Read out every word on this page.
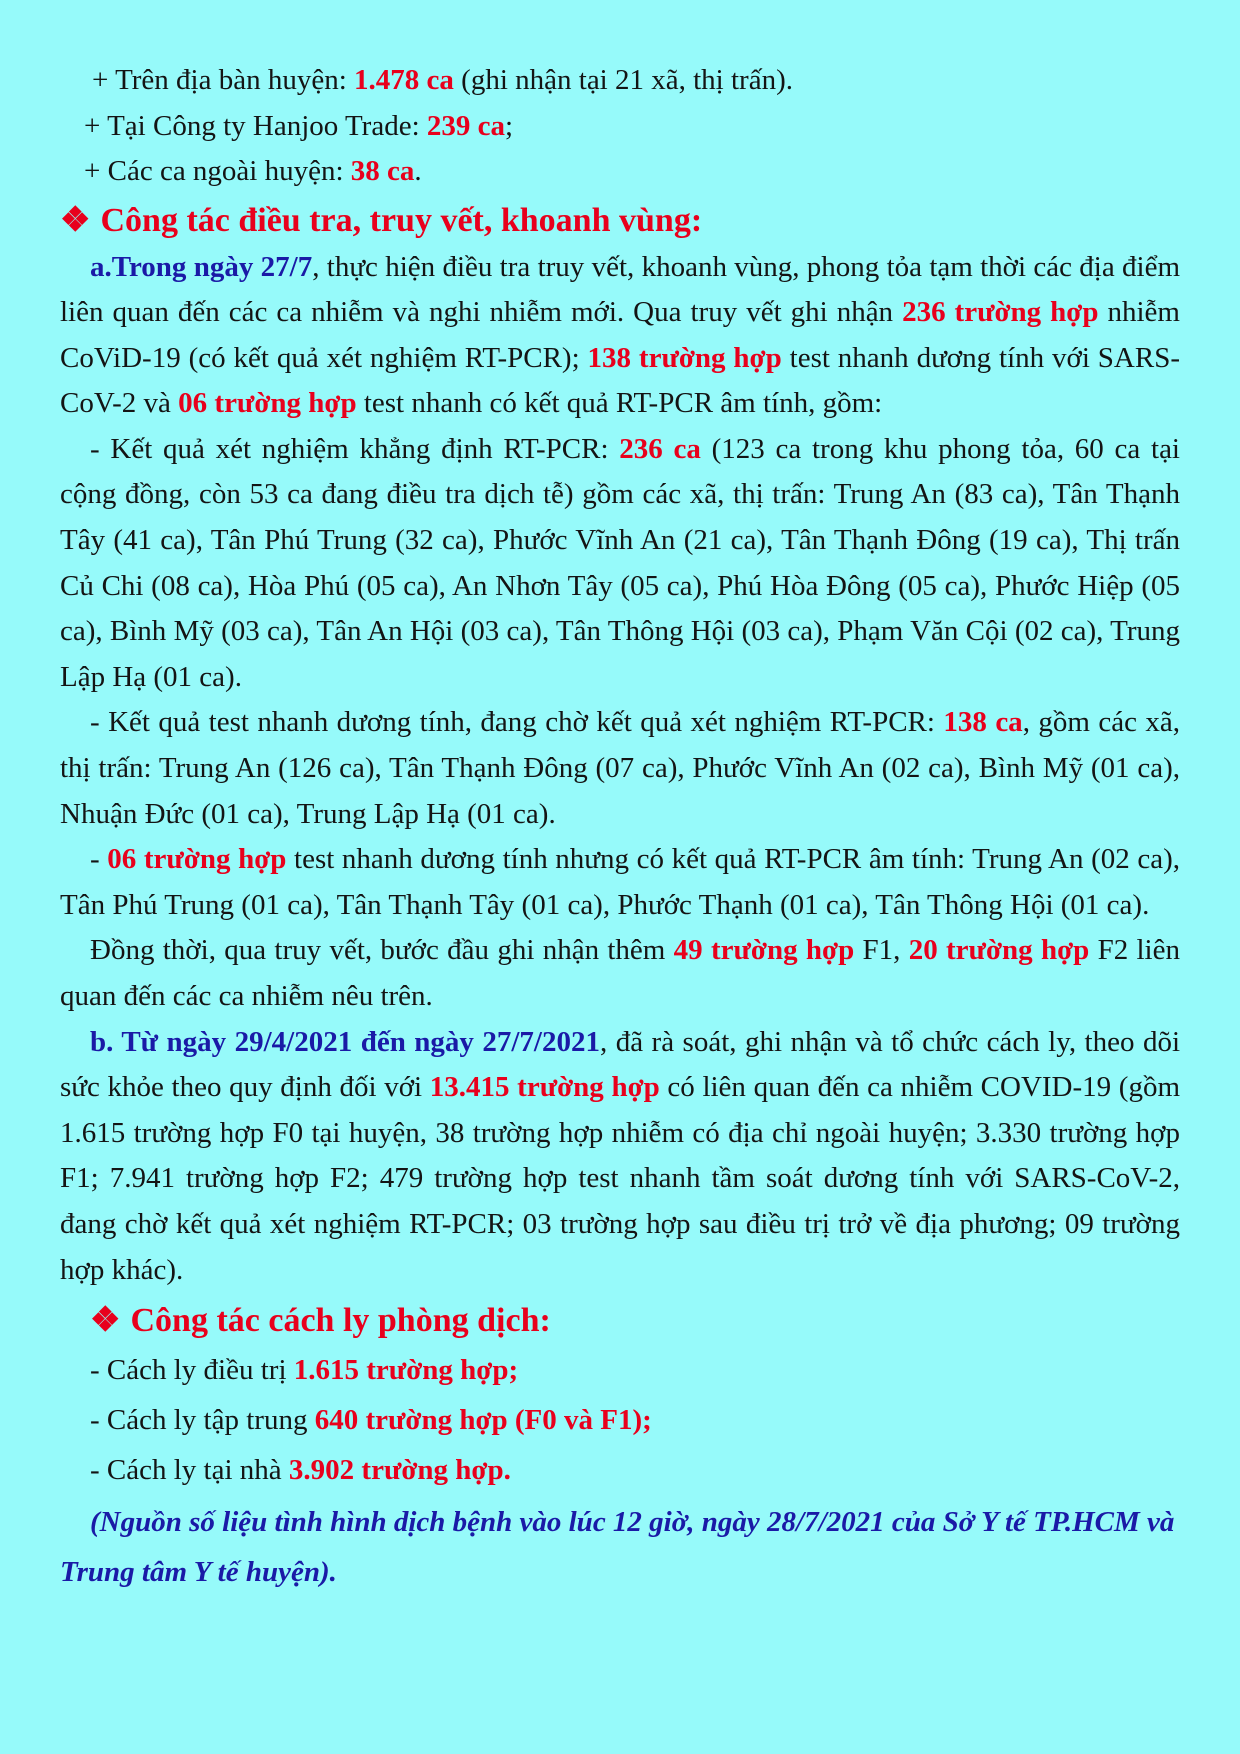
+ Trên địa bàn huyện: 1.478 ca (ghi nhận tại 21 xã, thị trấn).
+ Tại Công ty Hanjoo Trade: 239 ca;
+ Các ca ngoài huyện: 38 ca.
❖ Công tác điều tra, truy vết, khoanh vùng:
a.Trong ngày 27/7, thực hiện điều tra truy vết, khoanh vùng, phong tỏa tạm thời các địa điểm liên quan đến các ca nhiễm và nghi nhiễm mới. Qua truy vết ghi nhận 236 trường hợp nhiễm CoViD-19 (có kết quả xét nghiệm RT-PCR); 138 trường hợp test nhanh dương tính với SARS-CoV-2 và 06 trường hợp test nhanh có kết quả RT-PCR âm tính, gồm:
- Kết quả xét nghiệm khẳng định RT-PCR: 236 ca (123 ca trong khu phong tỏa, 60 ca tại cộng đồng, còn 53 ca đang điều tra dịch tễ) gồm các xã, thị trấn: Trung An (83 ca), Tân Thạnh Tây (41 ca), Tân Phú Trung (32 ca), Phước Vĩnh An (21 ca), Tân Thạnh Đông (19 ca), Thị trấn Củ Chi (08 ca), Hòa Phú (05 ca), An Nhơn Tây (05 ca), Phú Hòa Đông (05 ca), Phước Hiệp (05 ca), Bình Mỹ (03 ca), Tân An Hội (03 ca), Tân Thông Hội (03 ca), Phạm Văn Cội (02 ca), Trung Lập Hạ (01 ca).
- Kết quả test nhanh dương tính, đang chờ kết quả xét nghiệm RT-PCR: 138 ca, gồm các xã, thị trấn: Trung An (126 ca), Tân Thạnh Đông (07 ca), Phước Vĩnh An (02 ca), Bình Mỹ (01 ca), Nhuận Đức (01 ca), Trung Lập Hạ (01 ca).
- 06 trường hợp test nhanh dương tính nhưng có kết quả RT-PCR âm tính: Trung An (02 ca), Tân Phú Trung (01 ca), Tân Thạnh Tây (01 ca), Phước Thạnh (01 ca), Tân Thông Hội (01 ca).
Đồng thời, qua truy vết, bước đầu ghi nhận thêm 49 trường hợp F1, 20 trường hợp F2 liên quan đến các ca nhiễm nêu trên.
b. Từ ngày 29/4/2021 đến ngày 27/7/2021, đã rà soát, ghi nhận và tổ chức cách ly, theo dõi sức khỏe theo quy định đối với 13.415 trường hợp có liên quan đến ca nhiễm COVID-19 (gồm 1.615 trường hợp F0 tại huyện, 38 trường hợp nhiễm có địa chỉ ngoài huyện; 3.330 trường hợp F1; 7.941 trường hợp F2; 479 trường hợp test nhanh tầm soát dương tính với SARS-CoV-2, đang chờ kết quả xét nghiệm RT-PCR; 03 trường hợp sau điều trị trở về địa phương; 09 trường hợp khác).
❖ Công tác cách ly phòng dịch:
- Cách ly điều trị 1.615 trường hợp;
- Cách ly tập trung 640 trường hợp (F0 và F1);
- Cách ly tại nhà 3.902 trường hợp.
(Nguồn số liệu tình hình dịch bệnh vào lúc 12 giờ, ngày 28/7/2021 của Sở Y tế TP.HCM và Trung tâm Y tế huyện).
